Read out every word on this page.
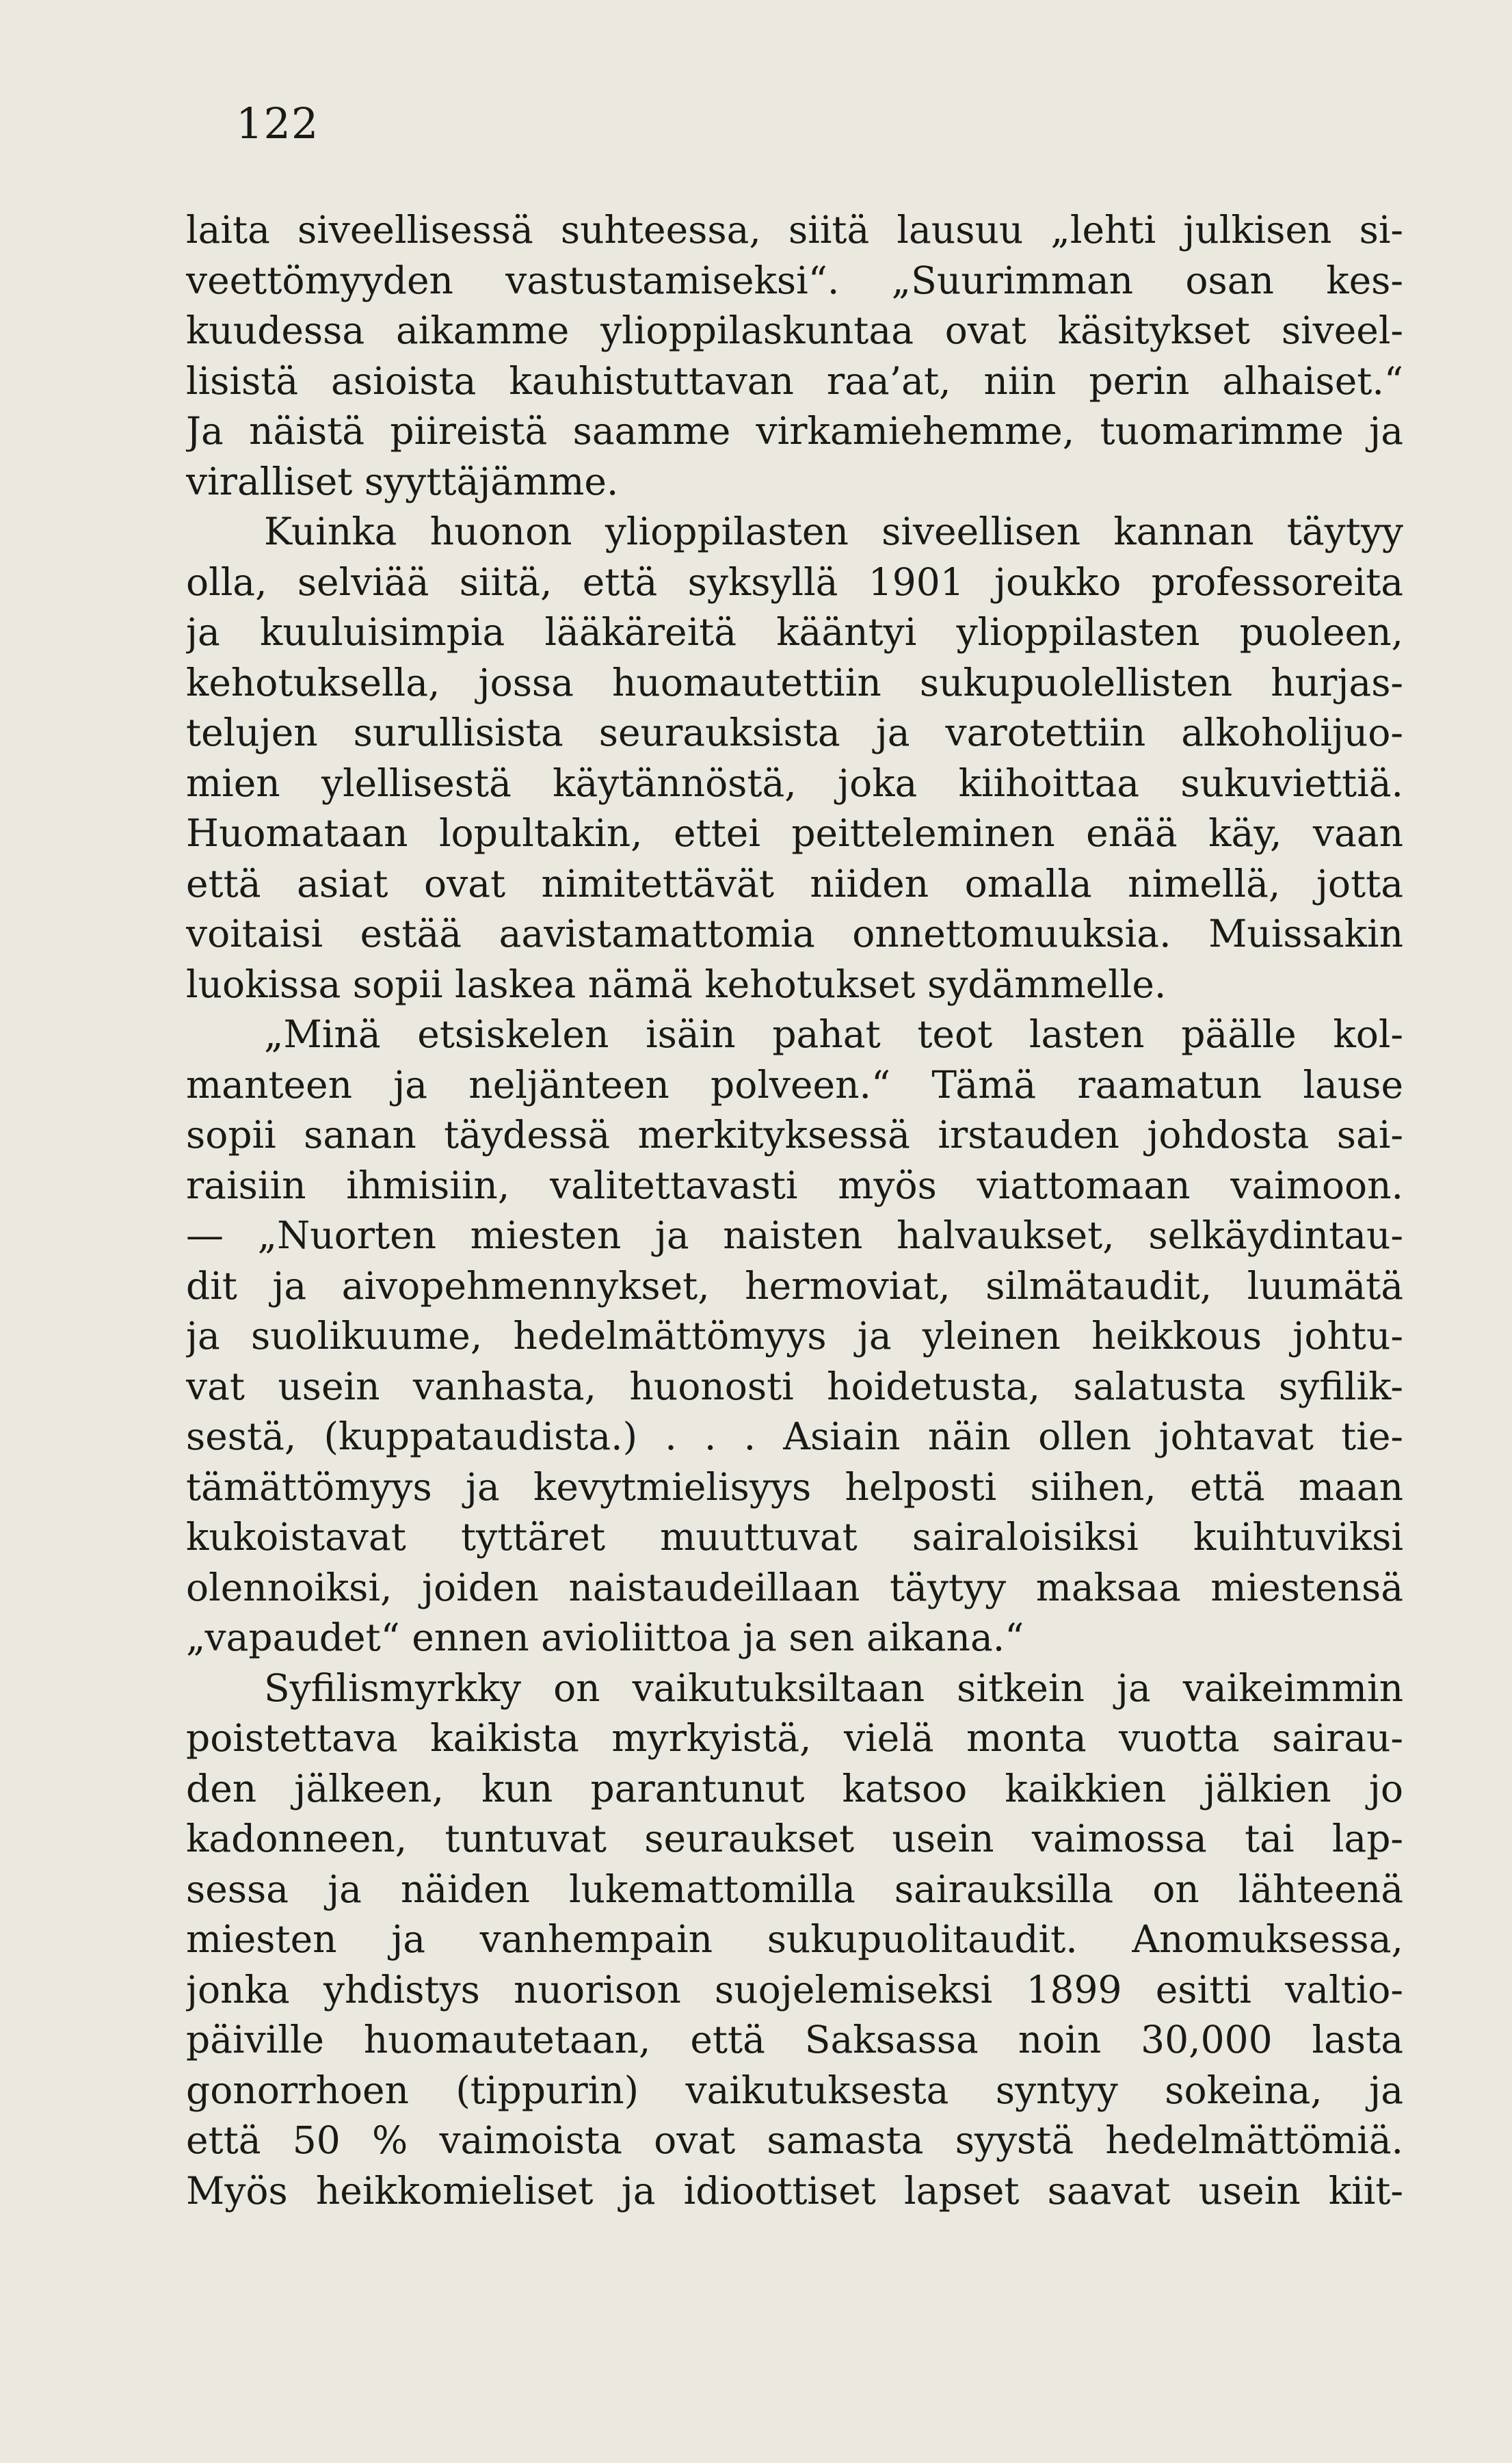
122
laita siveellisessä suhteessa, siitä lausuu „lehti julkisen si-
veettömyyden vastustamiseksi“. „Suurimman osan kes-
kuudessa aikamme ylioppilaskuntaa ovat käsitykset siveel-
lisistä asioista kauhistuttavan raa’at, niin perin alhaiset.“
Ja näistä piireistä saamme virkamiehemme, tuomarimme ja
viralliset syyttäjämme.
Kuinka huonon ylioppilasten siveellisen kannan täytyy
olla, selviää siitä, että syksyllä 1901 joukko professoreita
ja kuuluisimpia lääkäreitä kääntyi ylioppilasten puoleen,
kehotuksella, jossa huomautettiin sukupuolellisten hurjas-
telujen surullisista seurauksista ja varotettiin alkoholijuo-
mien ylellisestä käytännöstä, joka kiihoittaa sukuviettiä.
Huomataan lopultakin, ettei peitteleminen enää käy, vaan
että asiat ovat nimitettävät niiden omalla nimellä, jotta
voitaisi estää aavistamattomia onnettomuuksia. Muissakin
luokissa sopii laskea nämä kehotukset sydämmelle.
„Minä etsiskelen isäin pahat teot lasten päälle kol-
manteen ja neljänteen polveen.“ Tämä raamatun lause
sopii sanan täydessä merkityksessä irstauden johdosta sai-
raisiin ihmisiin, valitettavasti myös viattomaan vaimoon.
— „Nuorten miesten ja naisten halvaukset, selkäydintau-
dit ja aivopehmennykset, hermoviat, silmätaudit, luumätä
ja suolikuume, hedelmättömyys ja yleinen heikkous johtu-
vat usein vanhasta, huonosti hoidetusta, salatusta syfilik-
sestä, (kuppataudista.) . . . Asiain näin ollen johtavat tie-
tämättömyys ja kevytmielisyys helposti siihen, että maan
kukoistavat tyttäret muuttuvat sairaloisiksi kuihtuviksi
olennoiksi, joiden naistaudeillaan täytyy maksaa miestensä
„vapaudet“ ennen avioliittoa ja sen aikana.“
Syfilismyrkky on vaikutuksiltaan sitkein ja vaikeimmin
poistettava kaikista myrkyistä, vielä monta vuotta sairau-
den jälkeen, kun parantunut katsoo kaikkien jälkien jo
kadonneen, tuntuvat seuraukset usein vaimossa tai lap-
sessa ja näiden lukemattomilla sairauksilla on lähteenä
miesten ja vanhempain sukupuolitaudit. Anomuksessa,
jonka yhdistys nuorison suojelemiseksi 1899 esitti valtio-
päiville huomautetaan, että Saksassa noin 30,000 lasta
gonorrhoen (tippurin) vaikutuksesta syntyy sokeina, ja
että 50 % vaimoista ovat samasta syystä hedelmättömiä.
Myös heikkomieliset ja idioottiset lapset saavat usein kiit-
